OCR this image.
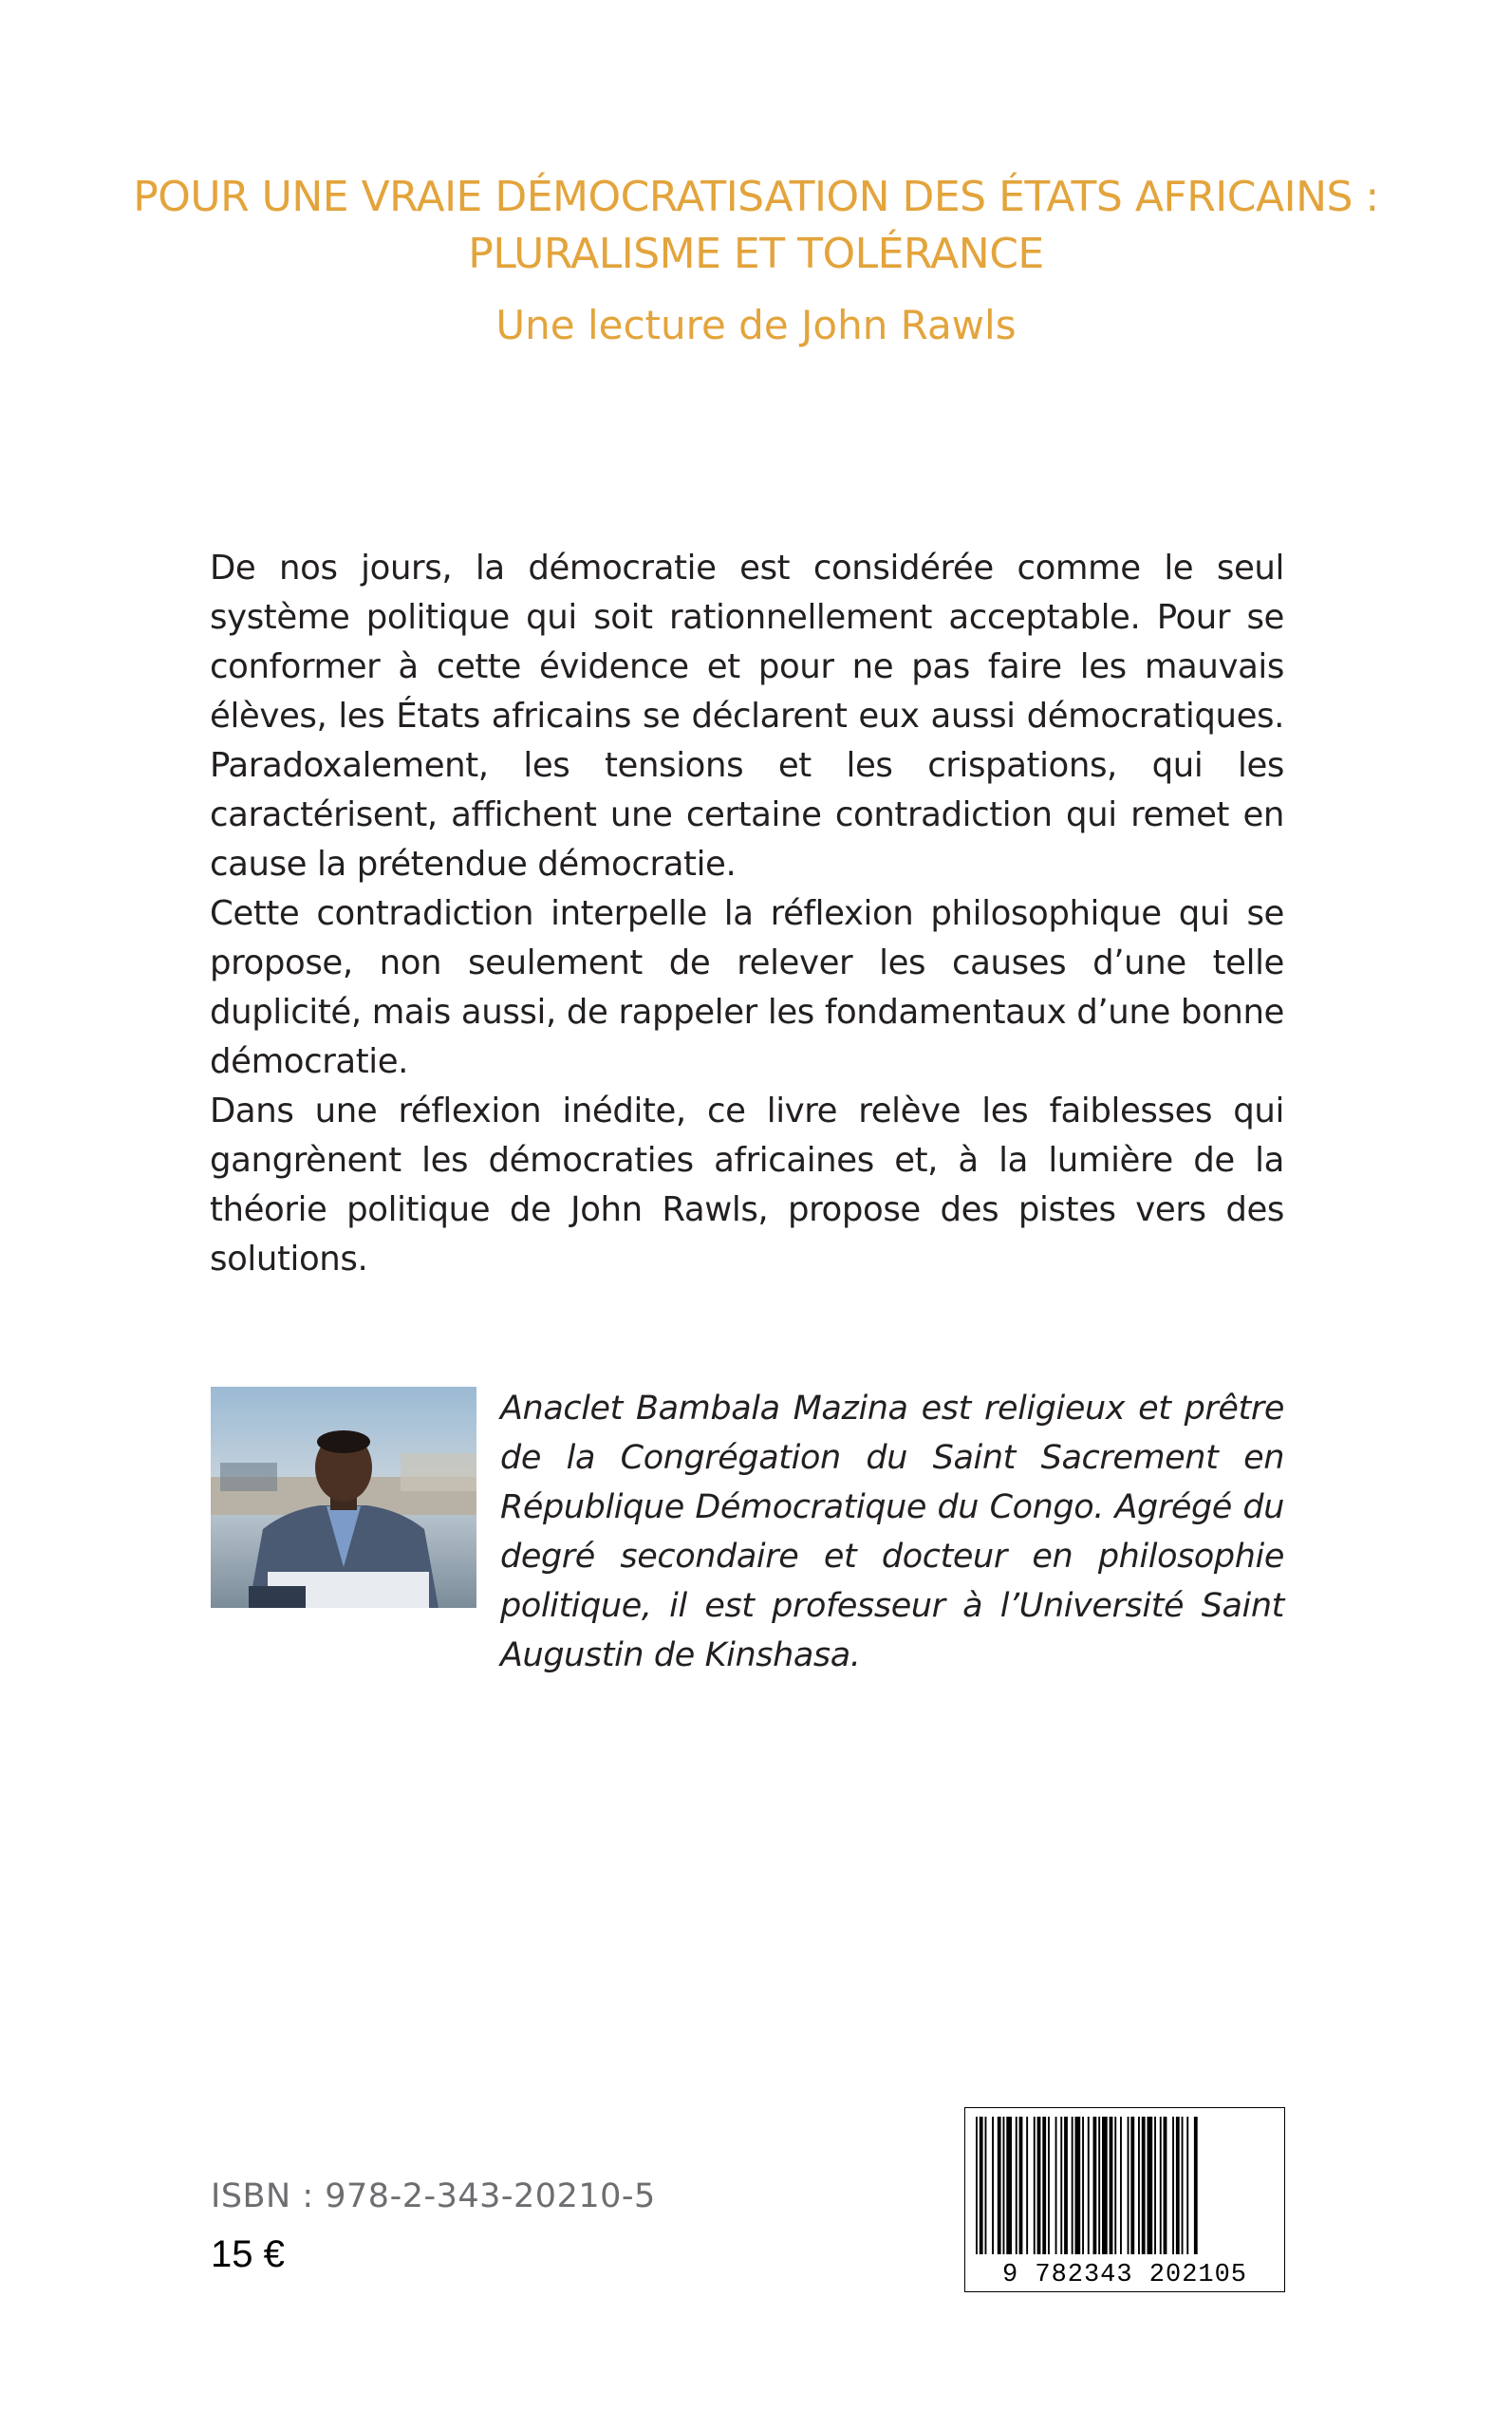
POUR UNE VRAIE DÉMOCRATISATION DES ÉTATS AFRICAINS :
PLURALISME ET TOLÉRANCE
Une lecture de John Rawls

De nos jours, la démocratie est considérée comme le seul système politique qui soit rationnellement acceptable. Pour se conformer à cette évidence et pour ne pas faire les mauvais élèves, les États africains se déclarent eux aussi démocratiques. Paradoxalement, les tensions et les crispations, qui les caractérisent, affichent une certaine contradiction qui remet en cause la prétendue démocratie.

Cette contradiction interpelle la réflexion philosophique qui se propose, non seulement de relever les causes d’une telle duplicité, mais aussi, de rappeler les fondamentaux d’une bonne démocratie.

Dans une réflexion inédite, ce livre relève les faiblesses qui gangrènent les démocraties africaines et, à la lumière de la théorie politique de John Rawls, propose des pistes vers des solutions.

Anaclet Bambala Mazina est religieux et prêtre de la Congrégation du Saint Sacrement en République Démocratique du Congo. Agrégé du degré secondaire et docteur en philosophie politique, il est professeur à l’Université Saint Augustin de Kinshasa.

ISBN : 978-2-343-20210-5
15 €	9 782343 202105
